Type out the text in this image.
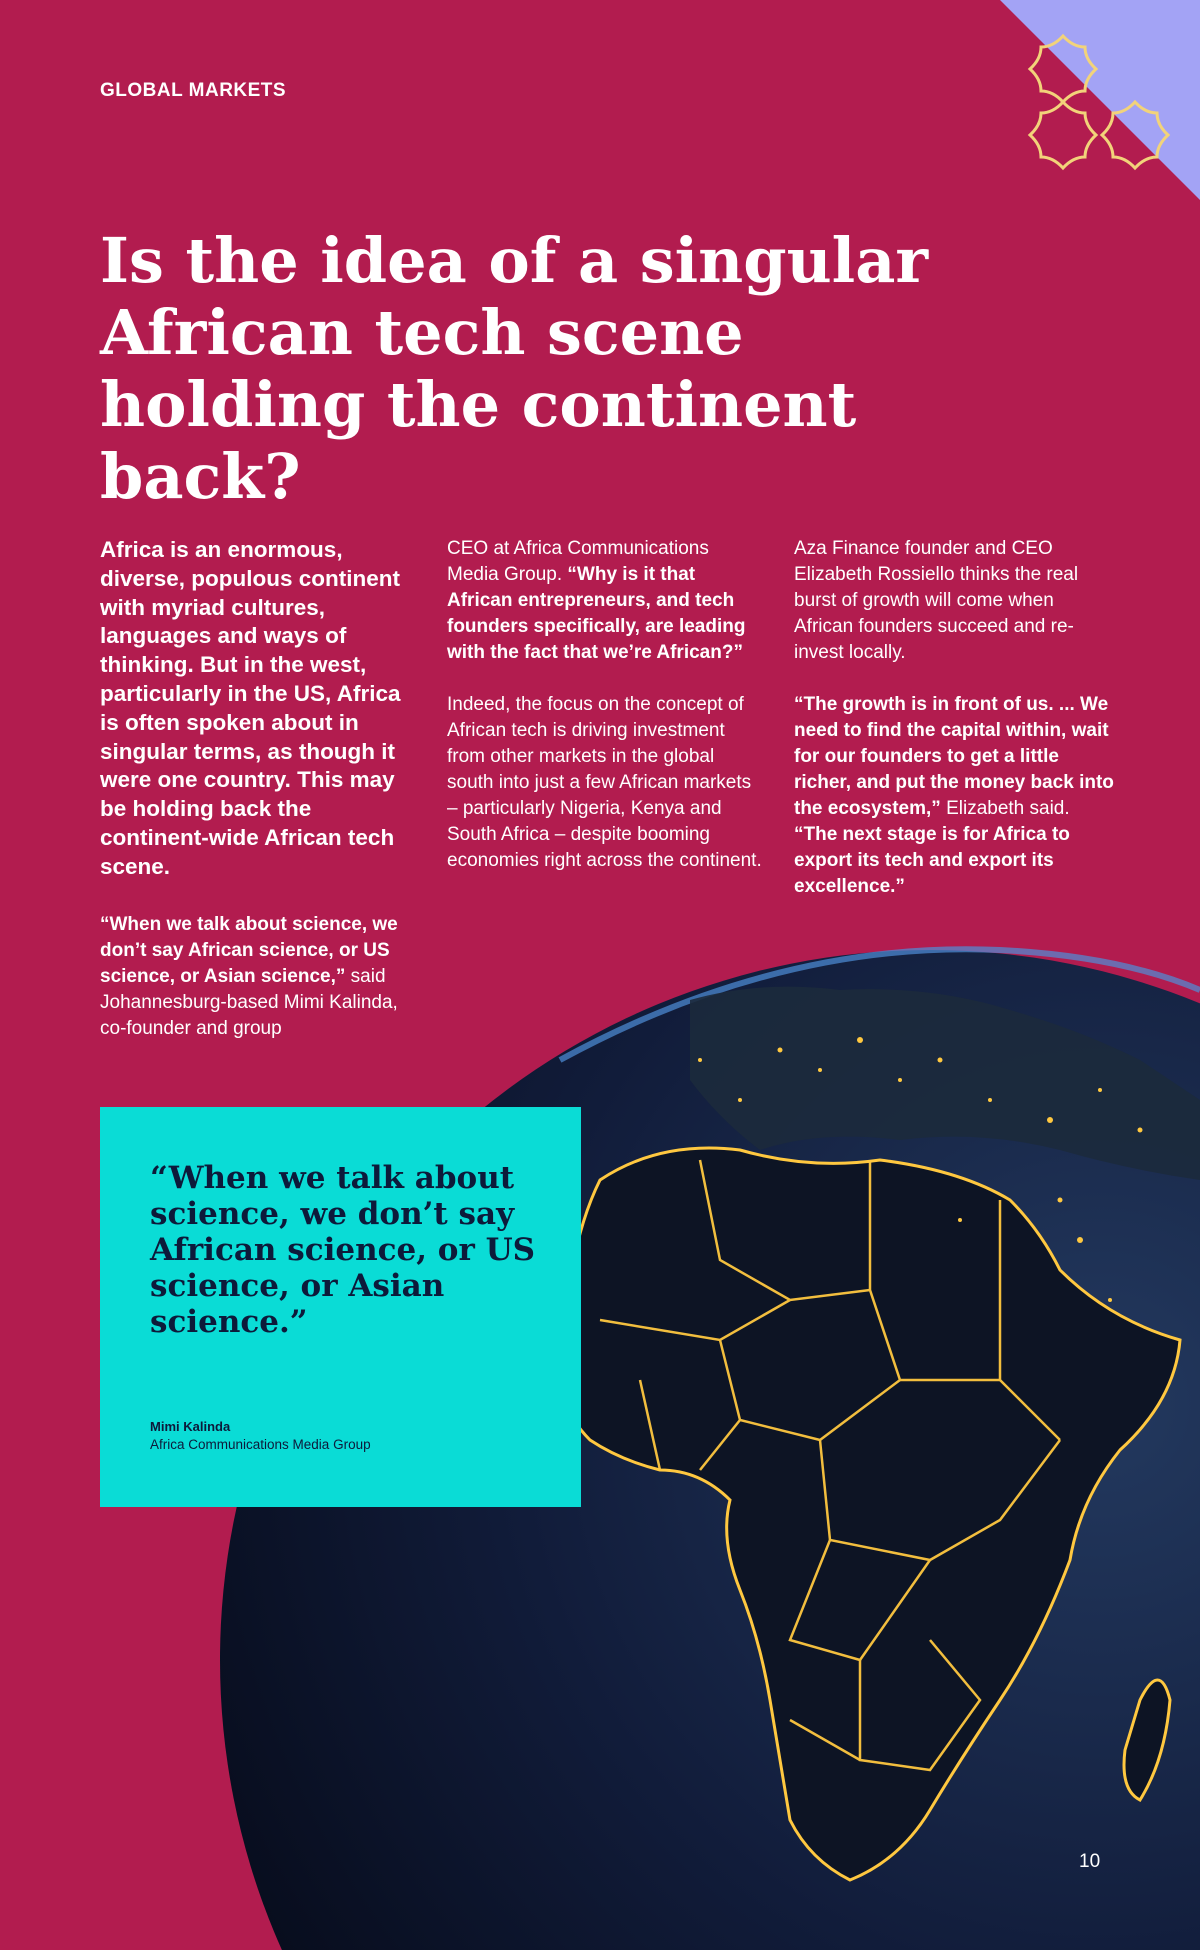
GLOBAL MARKETS

Is the idea of a singular African tech scene holding the continent back?

Africa is an enormous, diverse, populous continent with myriad cultures, languages and ways of thinking. But in the west, particularly in the US, Africa is often spoken about in singular terms, as though it were one country. This may be holding back the continent-wide African tech scene.

“When we talk about science, we don’t say African science, or US science, or Asian science,” said Johannesburg-based Mimi Kalinda, co-founder and group

CEO at Africa Communications Media Group. “Why is it that African entrepreneurs, and tech founders specifically, are leading with the fact that we’re African?”

Indeed, the focus on the concept of African tech is driving investment from other markets in the global south into just a few African markets – particularly Nigeria, Kenya and South Africa – despite booming economies right across the continent.

Aza Finance founder and CEO Elizabeth Rossiello thinks the real burst of growth will come when African founders succeed and re-invest locally.

“The growth is in front of us. ... We need to find the capital within, wait for our founders to get a little richer, and put the money back into the ecosystem,” Elizabeth said. “The next stage is for Africa to export its tech and export its excellence.”

“When we talk about science, we don’t say African science, or US science, or Asian science.”

Mimi Kalinda

Africa Communications Media Group

10
